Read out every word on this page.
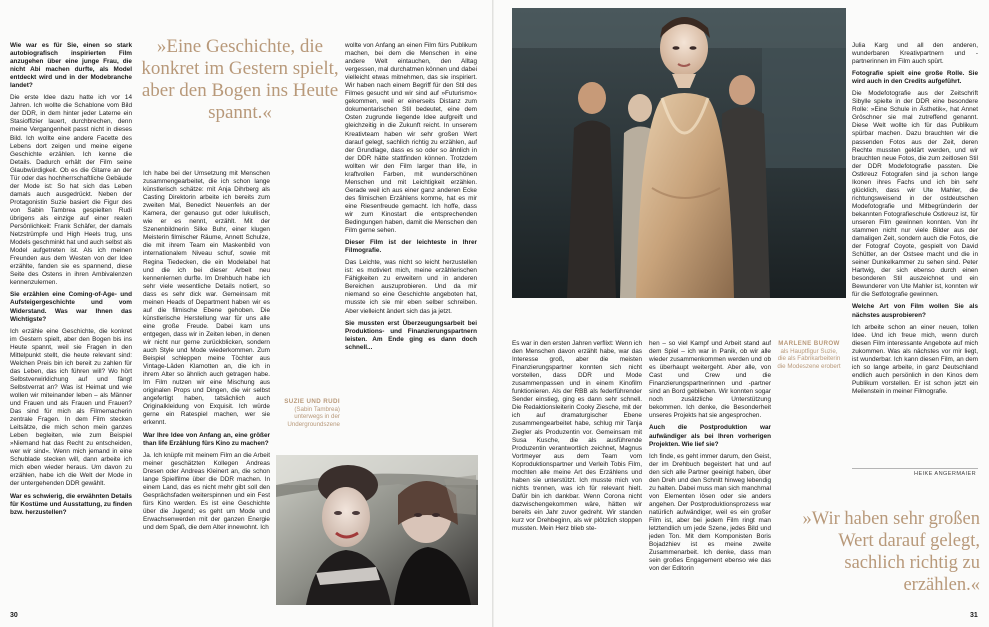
Wie war es für Sie, einen so stark autobiografisch inspirierten Film anzugehen über eine junge Frau, die nicht Abi machen durfte, als Model entdeckt wird und in der Modebranche landet?

Die erste Idee dazu hatte ich vor 14 Jahren. Ich wollte die Schablone vom Bild der DDR, in dem hinter jeder Laterne ein Stasioffizier lauert, durchbrechen, denn meine Vergangenheit passt nicht in dieses Bild. Ich wollte eine andere Facette des Lebens dort zeigen und meine eigene Geschichte erzählen. Ich kenne die Details. Dadurch erhält der Film seine Glaubwürdigkeit. Ob es die Gitarre an der Tür oder das hochherrschaftliche Gebäude der Mode ist: So hat sich das Leben damals auch ausgedrückt. Neben der Protagonistin Suzie basiert die Figur des von Sabin Tambrea gespielten Rudi übrigens als einzige auf einer realen Persönlichkeit: Frank Schäfer, der damals Netzstrümpfe und High Heels trug, uns Models geschminkt hat und auch selbst als Model aufgetreten ist. Als ich meinen Freunden aus dem Westen von der Idee erzählte, fanden sie es spannend, diese Seite des Ostens in ihren Ambivalenzen kennenzulernen.

Sie erzählen eine Coming-of-Age- und Aufsteigergeschichte und vom Widerstand. Was war Ihnen das Wichtigste?

Ich erzähle eine Geschichte, die konkret im Gestern spielt, aber den Bogen bis ins Heute spannt, weil sie Fragen in den Mittelpunkt stellt, die heute relevant sind: Welchen Preis bin ich bereit zu zahlen für das Leben, das ich führen will? Wo hört Selbstverwirklichung auf und fängt Selbstverrat an? Was ist Heimat und wie wollen wir miteinander leben – als Männer und Frauen und als Frauen und Frauen? Das sind für mich als Filmemacherin zentrale Fragen. In dem Film stecken Leitsätze, die mich schon mein ganzes Leben begleiten, wie zum Beispiel »Niemand hat das Recht zu entscheiden, wer wir sind«. Wenn mich jemand in eine Schublade stecken will, dann arbeite ich mich eben wieder heraus. Um davon zu erzählen, habe ich die Welt der Mode in der untergehenden DDR gewählt.

War es schwierig, die erwähnten Details für Kostüme und Ausstattung, zu finden bzw. herzustellen?

»Eine Geschichte, die konkret im Gestern spielt, aber den Bogen ins Heute spannt.«

Ich habe bei der Umsetzung mit Menschen zusammengearbeitet, die ich schon lange künstlerisch schätze: mit Anja Dihrberg als Casting Direktorin arbeite ich bereits zum zweiten Mal, Benedict Neuenfels an der Kamera, der genauso gut oder lukullisch, wie er es nennt, erzählt. Mit der Szenenbildnerin Silke Buhr, einer klugen Meisterin filmischer Räume, Annett Schulze, die mit ihrem Team ein Maskenbild von internationalem Niveau schuf, sowie mit Regina Tiedecken, die ein Modelabel hat und die ich bei dieser Arbeit neu kennenlernen durfte. Im Drehbuch habe ich sehr viele wesentliche Details notiert, so dass es sehr dick war. Gemeinsam mit meinen Heads of Department haben wir es auf die filmische Ebene gehoben. Die künstlerische Herstellung war für uns alle eine große Freude. Dabei kam uns entgegen, dass wir in Zeiten leben, in denen wir nicht nur gerne zurückblicken, sondern auch Style und Mode wiederkommen. Zum Beispiel schleppen meine Töchter aus Vintage-Läden Klamotten an, die ich in ihrem Alter so ähnlich auch getragen habe. Im Film nutzen wir eine Mischung aus originalen Props und Dingen, die wir selbst angefertigt haben, tatsächlich auch Originalkleidung von Exquisit. Ich würde gerne ein Ratespiel machen, wer sie erkennt.

War Ihre Idee von Anfang an, eine größer than life Erzählung fürs Kino zu machen?

Ja. Ich knüpfe mit meinem Film an die Arbeit meiner geschätzten Kollegen Andreas Dresen oder Andreas Kleinert an, die schon lange Spielfilme über die DDR machen. In einem Land, das es nicht mehr gibt soll den Gesprächsfaden weiterspinnen und ein Fest fürs Kino werden. Es ist eine Geschichte über die Jugend; es geht um Mode und Erwachsenwerden mit der ganzen Energie und dem Spaß, die dem Alter innewohnt. Ich

wollte von Anfang an einen Film fürs Publikum machen, bei dem die Menschen in eine andere Welt eintauchen, den Alltag vergessen, mal durchatmen können und dabei vielleicht etwas mitnehmen, das sie inspiriert. Wir haben nach einem Begriff für den Stil des Filmes gesucht und wir sind auf »Futurismo« gekommen, weil er einerseits Distanz zum dokumentarischen Stil bedeutet, eine dem Osten zugrunde liegende Idee aufgreift und gleichzeitig in die Zukunft reicht. In unserem Kreativteam haben wir sehr großen Wert darauf gelegt, sachlich richtig zu erzählen, auf der Grundlage, dass es so oder so ähnlich in der DDR hätte stattfinden können. Trotzdem wollten wir den Film larger than life, in kraftvollen Farben, mit wunderschönen Menschen und mit Leichtigkeit erzählen. Gerade weil ich aus einer ganz anderen Ecke des filmischen Erzählens komme, hat es mir eine Riesenfreude gemacht. Ich hoffe, dass wir zum Kinostart die entsprechenden Bedingungen haben, damit die Menschen den Film gerne sehen.

Dieser Film ist der leichteste in Ihrer Filmografie.

Das Leichte, was nicht so leicht herzustellen ist: es motiviert mich, meine erzählerischen Fähigkeiten zu erweitern und in anderen Bereichen auszuprobieren. Und da mir niemand so eine Geschichte angeboten hat, musste ich sie mir eben selber schreiben. Aber vielleicht ändert sich das ja jetzt.

Sie mussten erst Überzeugungsarbeit bei Produktions- und Finanzierungspartnern leisten. Am Ende ging es dann doch schnell...

SUZIE UND RUDI
(Sabin Tambrea)
unterwegs in der Undergroundszene
30

Es war in den ersten Jahren verflixt: Wenn ich den Menschen davon erzählt habe, war das Interesse groß, aber die meisten Finanzierungspartner konnten sich nicht vorstellen, dass DDR und Mode zusammenpassen und in einem Kinofilm funktionieren. Als der RBB als federführender Sender einstieg, ging es dann sehr schnell. Die Redaktionsleiterin Cooky Ziesche, mit der ich auf dramaturgischer Ebene zusammengearbeitet habe, schlug mir Tanja Ziegler als Produzentin vor. Gemeinsam mit Susa Kusche, die als ausführende Produzentin verantwortlich zeichnet, Magnus Vortmeyer aus dem Team vom Koproduktionspartner und Verleih Tobis Film, mochten alle meine Art des Erzählens und haben sie unterstützt. Ich musste mich von nichts trennen, was ich für relevant hielt. Dafür bin ich dankbar. Wenn Corona nicht dazwischengekommen wäre, hätten wir bereits ein Jahr zuvor gedreht. Wir standen kurz vor Drehbeginn, als wir plötzlich stoppen mussten. Mein Herz blieb ste-

hen – so viel Kampf und Arbeit stand auf dem Spiel – ich war in Panik, ob wir alle wieder zusammenkommen werden und ob es überhaupt weitergeht. Aber alle, von Cast und Crew und die Finanzierungspartnerinnen und -partner sind an Bord geblieben. Wir konnten sogar noch zusätzliche Unterstützung bekommen. Ich denke, die Besonderheit unseres Projekts hat sie angesprochen.

Auch die Postproduktion war aufwändiger als bei Ihren vorherigen Projekten. Wie lief sie?

Ich finde, es geht immer darum, den Geist, der im Drehbuch begeistert hat und auf den sich alle Partner geeinigt haben, über den Dreh und den Schnitt hinweg lebendig zu halten. Dabei muss man sich manchmal von Elementen lösen oder sie anders angehen. Der Postproduktionsprozess war natürlich aufwändiger, weil es ein großer Film ist, aber bei jedem Film ringt man letztendlich um jede Szene, jedes Bild und jeden Ton. Mit dem Komponisten Boris Bojadzhiev ist es meine zweite Zusammenarbeit. Ich denke, dass man sein großes Engagement ebenso wie das von der Editorin

MARLENE BUROW
als Hauptfigur Suzie, die als Fabrikarbeiterin die Modeszene erobert

Julia Karg und all den anderen, wunderbaren Kreativpartnern und -partnerinnen im Film auch spürt.

Fotografie spielt eine große Rolle. Sie wird auch in den Credits aufgeführt.

Die Modefotografie aus der Zeitschrift Sibylle spielte in der DDR eine besondere Rolle: »Eine Schule in Ästhetik«, hat Annet Gröschner sie mal zutreffend genannt. Diese Welt wollte ich für das Publikum spürbar machen. Dazu brauchten wir die passenden Fotos aus der Zeit, deren Rechte mussten geklärt werden, und wir brauchten neue Fotos, die zum zeitlosen Stil der DDR Modefotografie passten. Die Ostkreuz Fotografen sind ja schon lange Ikonen ihres Fachs und ich bin sehr glücklich, dass wir Ute Mahler, die richtungsweisend in der ostdeutschen Modefotografie und Mitbegründerin der bekannten Fotografieschule Ostkreuz ist, für unseren Film gewinnen konnten. Von ihr stammen nicht nur viele Bilder aus der damaligen Zeit, sondern auch die Fotos, die der Fotograf Coyote, gespielt von David Schütter, an der Ostsee macht und die in seiner Dunkelkammer zu sehen sind. Peter Hartwig, der sich ebenso durch einen besonderen Stil auszeichnet und ein Bewunderer von Ute Mahler ist, konnten wir für die Setfotografie gewinnen.

Welche Art von Film wollen Sie als nächstes ausprobieren?

Ich arbeite schon an einer neuen, tollen Idee. Und ich freue mich, wenn durch diesen Film interessante Angebote auf mich zukommen. Was als nächstes vor mir liegt, ist wunderbar. Ich kann diesen Film, an dem ich so lange arbeite, in ganz Deutschland endlich auch persönlich in den Kinos dem Publikum vorstellen. Er ist schon jetzt ein Meilenstein in meiner Filmografie.

HEIKE ANGERMAIER
»Wir haben sehr großen Wert darauf gelegt, sachlich richtig zu erzählen.«
31
